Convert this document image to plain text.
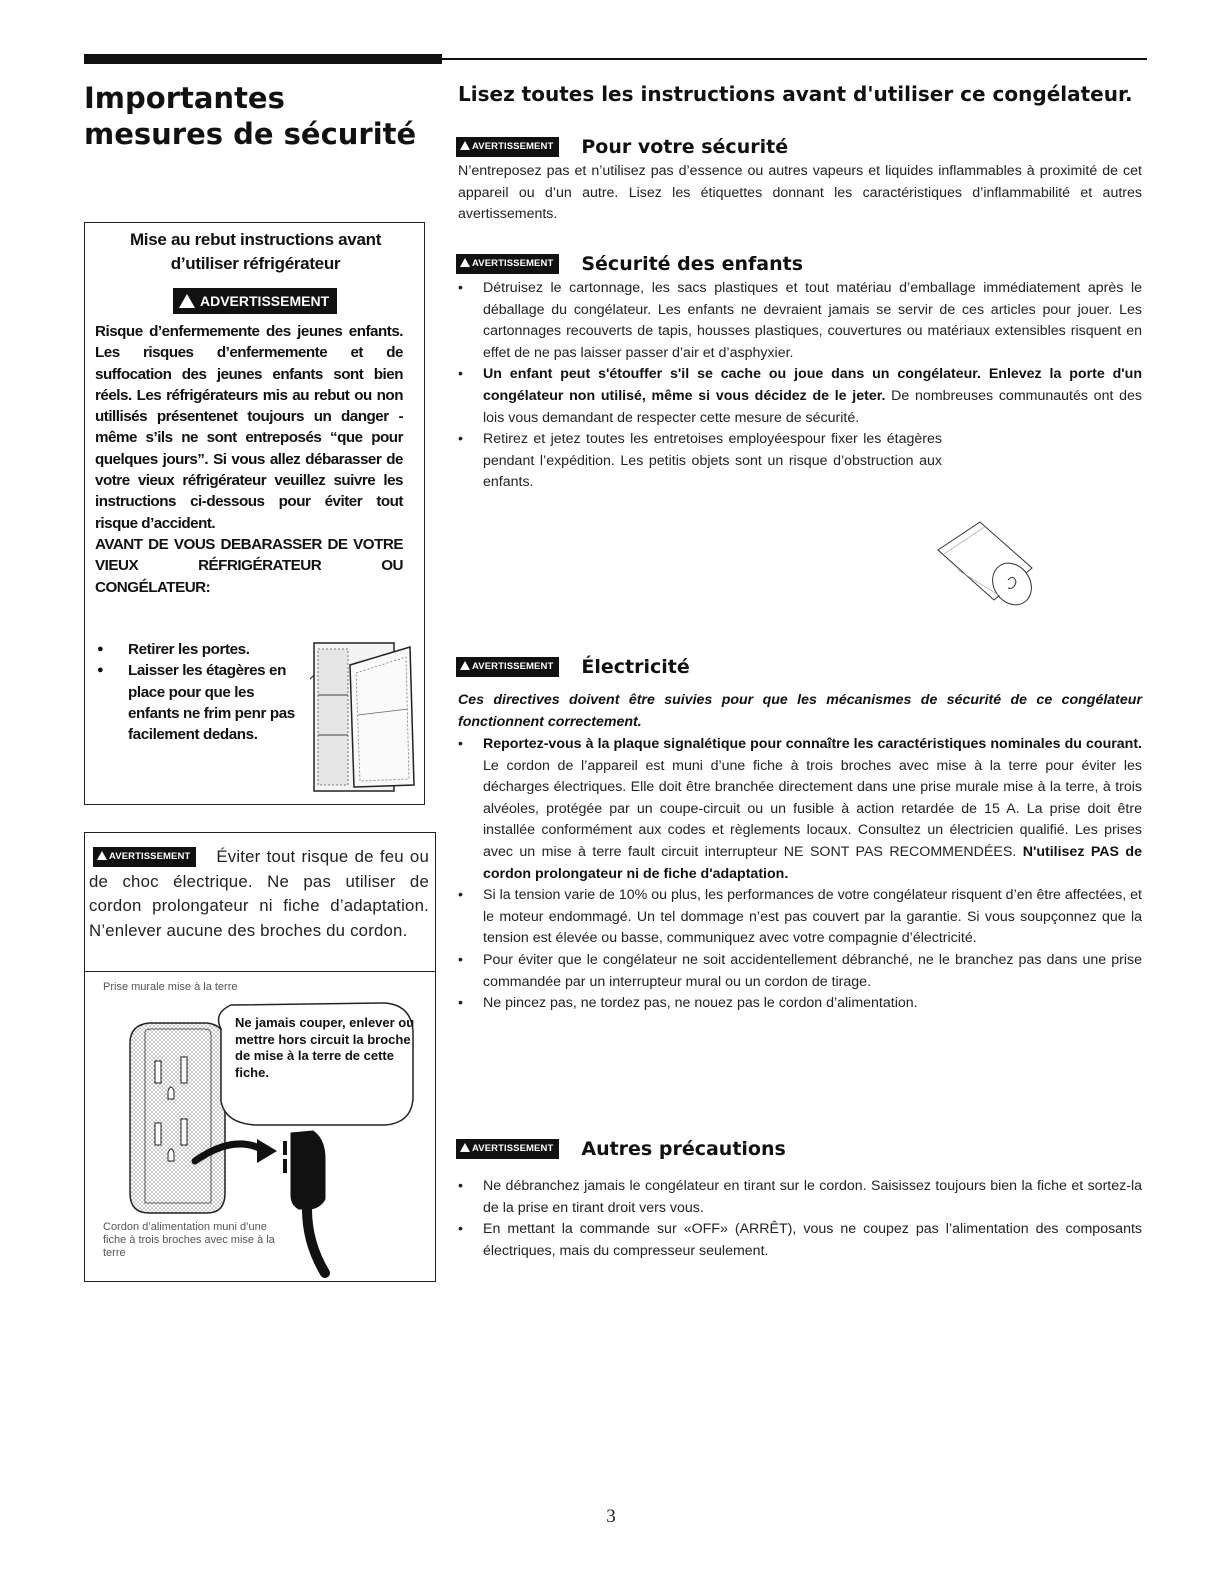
Importantes mesures de sécurité
Lisez toutes les instructions avant d'utiliser ce congélateur.

Mise au rebut instructions avant d’utiliser réfrigérateur

ADVERTISSEMENT

Risque d’enfermemente des jeunes enfants. Les risques d’enfermemente et de suffocation des jeunes enfants sont bien réels. Les réfrigérateurs mis au rebut ou non utillisés présentenet toujours un danger - même s’ils ne sont entreposés “que pour quelques jours”. Si vous allez débarasser de votre vieux réfrigérateur veuillez suivre les instructions ci-dessous pour éviter tout risque d’accident.
AVANT DE VOUS DEBARASSER DE VOTRE VIEUX RÉFRIGÉRATEUR OU CONGÉLATEUR:

● Retirer les portes.
● Laisser les étagères en place pour que les enfants ne frim penr pas facilement dedans.

AVERTISSEMENT	Éviter tout risque de feu ou de choc électrique. Ne pas utiliser de cordon prolongateur ni fiche d’adaptation. N’enlever aucune des broches du cordon.

Prise murale mise à la terre

Ne jamais couper, enlever ou mettre hors circuit la broche de mise à la terre de cette fiche.

Cordon d’alimentation muni d’une fiche à trois broches avec mise à la terre

AVERTISSEMENT	Pour votre sécurité

N’entreposez pas et n’utilisez pas d’essence ou autres vapeurs et liquides inflammables à proximité de cet appareil ou d’un autre. Lisez les étiquettes donnant les caractéristiques d’inflammabilité et autres avertissements.

AVERTISSEMENT	Sécurité des enfants
• Détruisez le cartonnage, les sacs plastiques et tout matériau d’emballage immédiatement après le déballage du congélateur. Les enfants ne devraient jamais se servir de ces articles pour jouer. Les cartonnages recouverts de tapis, housses plastiques, couvertures ou matériaux extensibles risquent en effet de ne pas laisser passer d’air et d’asphyxier.
• Un enfant peut s'étouffer s'il se cache ou joue dans un congélateur. Enlevez la porte d'un congélateur non utilisé, même si vous décidez de le jeter. De nombreuses communautés ont des lois vous demandant de respecter cette mesure de sécurité.
• Retirez et jetez toutes les entretoises employéespour fixer les étagères pendant l’expédition. Les petitis objets sont un risque d’obstruction aux enfants.
AVERTISSEMENT	Électricité

Ces directives doivent être suivies pour que les mécanismes de sécurité de ce congélateur fonctionnent correctement.

• Reportez-vous à la plaque signalétique pour connaître les caractéristiques nominales du courant. Le cordon de l’appareil est muni d’une fiche à trois broches avec mise à la terre pour éviter les décharges électriques. Elle doit être branchée directement dans une prise murale mise à la terre, à trois alvéoles, protégée par un coupe-circuit ou un fusible à action retardée de 15 A. La prise doit être installée conformément aux codes et règlements locaux. Consultez un électricien qualifié. Les prises avec un mise à terre fault circuit interrupteur NE SONT PAS RECOMMENDÉES. N'utilisez PAS de cordon prolongateur ni de fiche d'adaptation.
• Si la tension varie de 10% ou plus, les performances de votre congélateur risquent d’en être affectées, et le moteur endommagé. Un tel dommage n’est pas couvert par la garantie. Si vous soupçonnez que la tension est élevée ou basse, communiquez avec votre compagnie d’électricité.
• Pour éviter que le congélateur ne soit accidentellement débranché, ne le branchez pas dans une prise commandée par un interrupteur mural ou un cordon de tirage.
• Ne pincez pas, ne tordez pas, ne nouez pas le cordon d’alimentation.
AVERTISSEMENT	Autres précautions
• Ne débranchez jamais le congélateur en tirant sur le cordon. Saisissez toujours bien la fiche et sortez-la de la prise en tirant droit vers vous.
• En mettant la commande sur «OFF» (ARRÊT), vous ne coupez pas l’alimentation des composants électriques, mais du compresseur seulement.

3
